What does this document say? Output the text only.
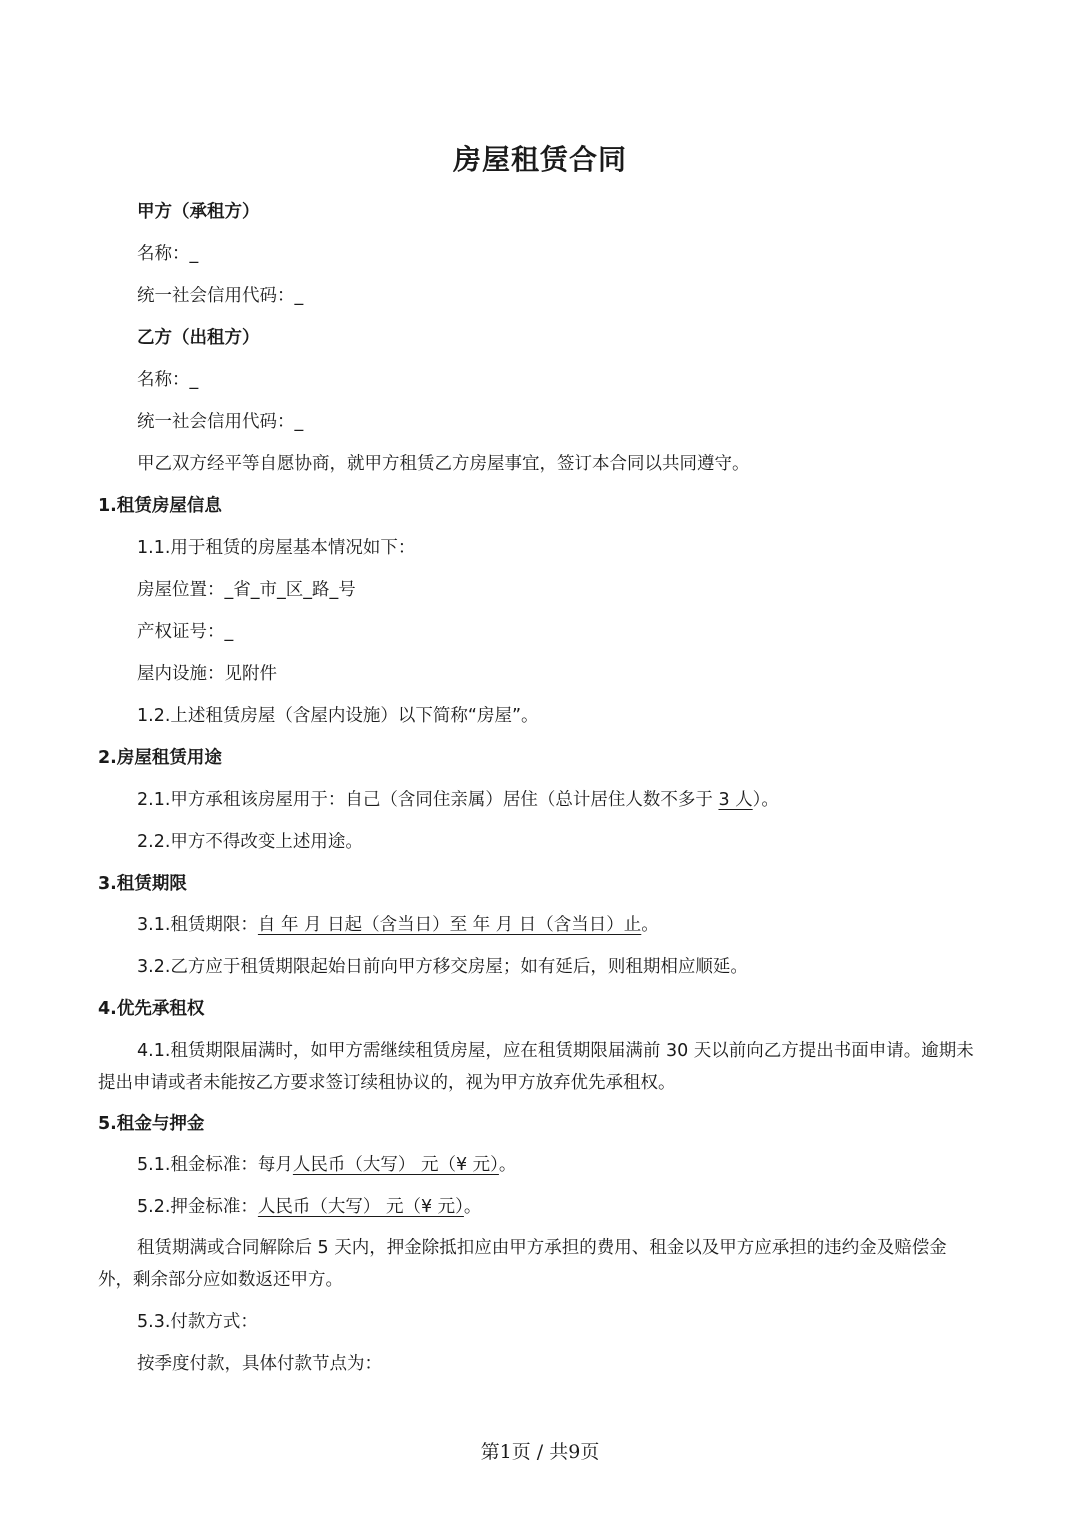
房屋租赁合同
甲方（承租方）
名称：_
统一社会信用代码：_
乙方（出租方）
名称：_
统一社会信用代码：_
甲乙双方经平等自愿协商，就甲方租赁乙方房屋事宜，签订本合同以共同遵守。
1.租赁房屋信息
1.1.用于租赁的房屋基本情况如下：
房屋位置：_省_市_区_路_号
产权证号：_
屋内设施：见附件
1.2.上述租赁房屋（含屋内设施）以下简称“房屋”。
2.房屋租赁用途
2.1.甲方承租该房屋用于：自己（含同住亲属）居住（总计居住人数不多于 3 人）。
2.2.甲方不得改变上述用途。
3.租赁期限
3.1.租赁期限：自 年 月 日起（含当日）至 年 月 日（含当日）止。
3.2.乙方应于租赁期限起始日前向甲方移交房屋；如有延后，则租期相应顺延。
4.优先承租权
4.1.租赁期限届满时，如甲方需继续租赁房屋，应在租赁期限届满前 30 天以前向乙方提出书面申请。逾期未提出申请或者未能按乙方要求签订续租协议的，视为甲方放弃优先承租权。
5.租金与押金
5.1.租金标准：每月人民币（大写） 元（¥ 元）。
5.2.押金标准：人民币（大写） 元（¥ 元）。
租赁期满或合同解除后 5 天内，押金除抵扣应由甲方承担的费用、租金以及甲方应承担的违约金及赔偿金外，剩余部分应如数返还甲方。
5.3.付款方式：
按季度付款，具体付款节点为：
第1页 / 共9页
